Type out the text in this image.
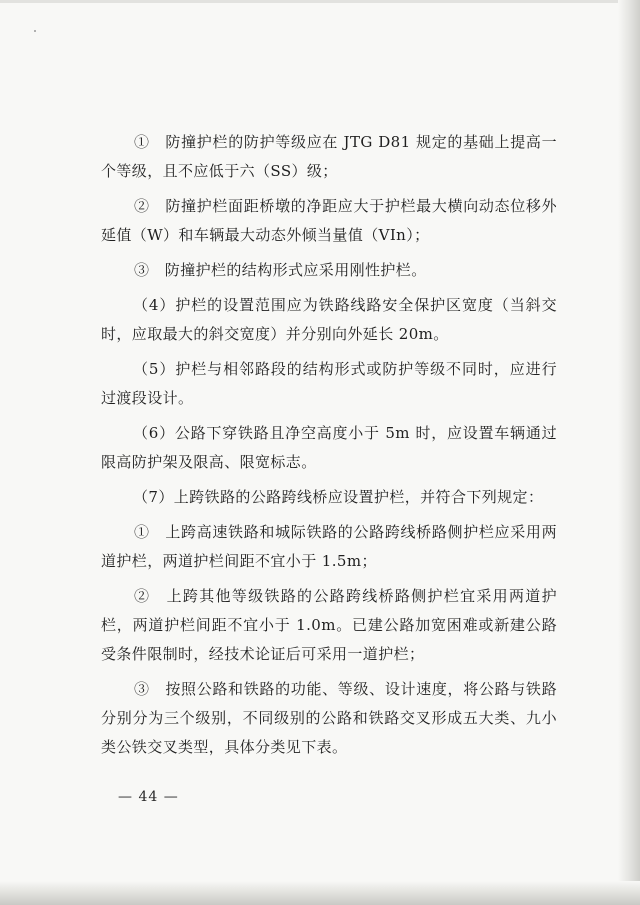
①　防撞护栏的防护等级应在 JTG D81 规定的基础上提高一个等级，且不应低于六（SS）级；

②　防撞护栏面距桥墩的净距应大于护栏最大横向动态位移外延值（W）和车辆最大动态外倾当量值（VIn）；

③　防撞护栏的结构形式应采用刚性护栏。

（4）护栏的设置范围应为铁路线路安全保护区宽度（当斜交时，应取最大的斜交宽度）并分别向外延长 20m。

（5）护栏与相邻路段的结构形式或防护等级不同时，应进行过渡段设计。

（6）公路下穿铁路且净空高度小于 5m 时，应设置车辆通过限高防护架及限高、限宽标志。

（7）上跨铁路的公路跨线桥应设置护栏，并符合下列规定：

①　上跨高速铁路和城际铁路的公路跨线桥路侧护栏应采用两道护栏，两道护栏间距不宜小于 1.5m；

②　上跨其他等级铁路的公路跨线桥路侧护栏宜采用两道护栏，两道护栏间距不宜小于 1.0m。已建公路加宽困难或新建公路受条件限制时，经技术论证后可采用一道护栏；

③　按照公路和铁路的功能、等级、设计速度，将公路与铁路分别分为三个级别，不同级别的公路和铁路交叉形成五大类、九小类公铁交叉类型，具体分类见下表。

— 44 —
